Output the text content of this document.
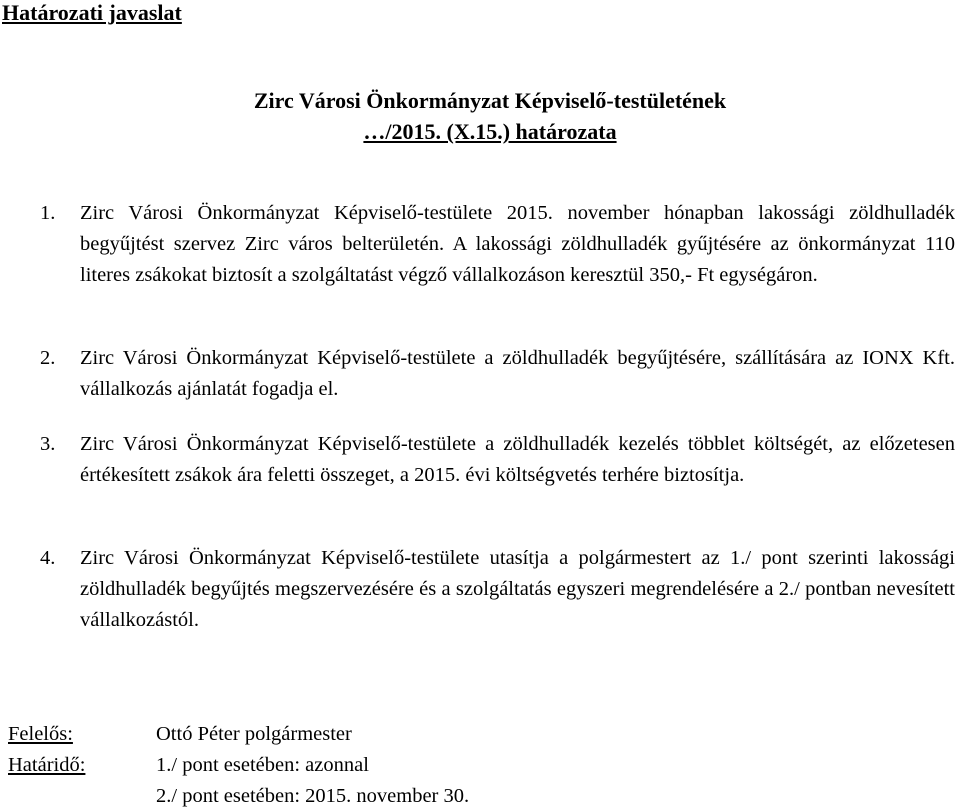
Határozati javaslat
Zirc Városi Önkormányzat Képviselő-testületének
…/2015. (X.15.) határozata
1. Zirc Városi Önkormányzat Képviselő-testülete 2015. november hónapban lakossági zöldhulladék begyűjtést szervez Zirc város belterületén. A lakossági zöldhulladék gyűjtésére az önkormányzat 110 literes zsákokat biztosít a szolgáltatást végző vállalkozáson keresztül 350,- Ft egységáron.
2. Zirc Városi Önkormányzat Képviselő-testülete a zöldhulladék begyűjtésére, szállítására az IONX Kft. vállalkozás ajánlatát fogadja el.
3. Zirc Városi Önkormányzat Képviselő-testülete a zöldhulladék kezelés többlet költségét, az előzetesen értékesített zsákok ára feletti összeget, a 2015. évi költségvetés terhére biztosítja.
4. Zirc Városi Önkormányzat Képviselő-testülete utasítja a polgármestert az 1./ pont szerinti lakossági zöldhulladék begyűjtés megszervezésére és a szolgáltatás egyszeri megrendelésére a 2./ pontban nevesített vállalkozástól.
Felelős:	Ottó Péter polgármester
Határidő:	1./ pont esetében: azonnal
2./ pont esetében: 2015. november 30.
